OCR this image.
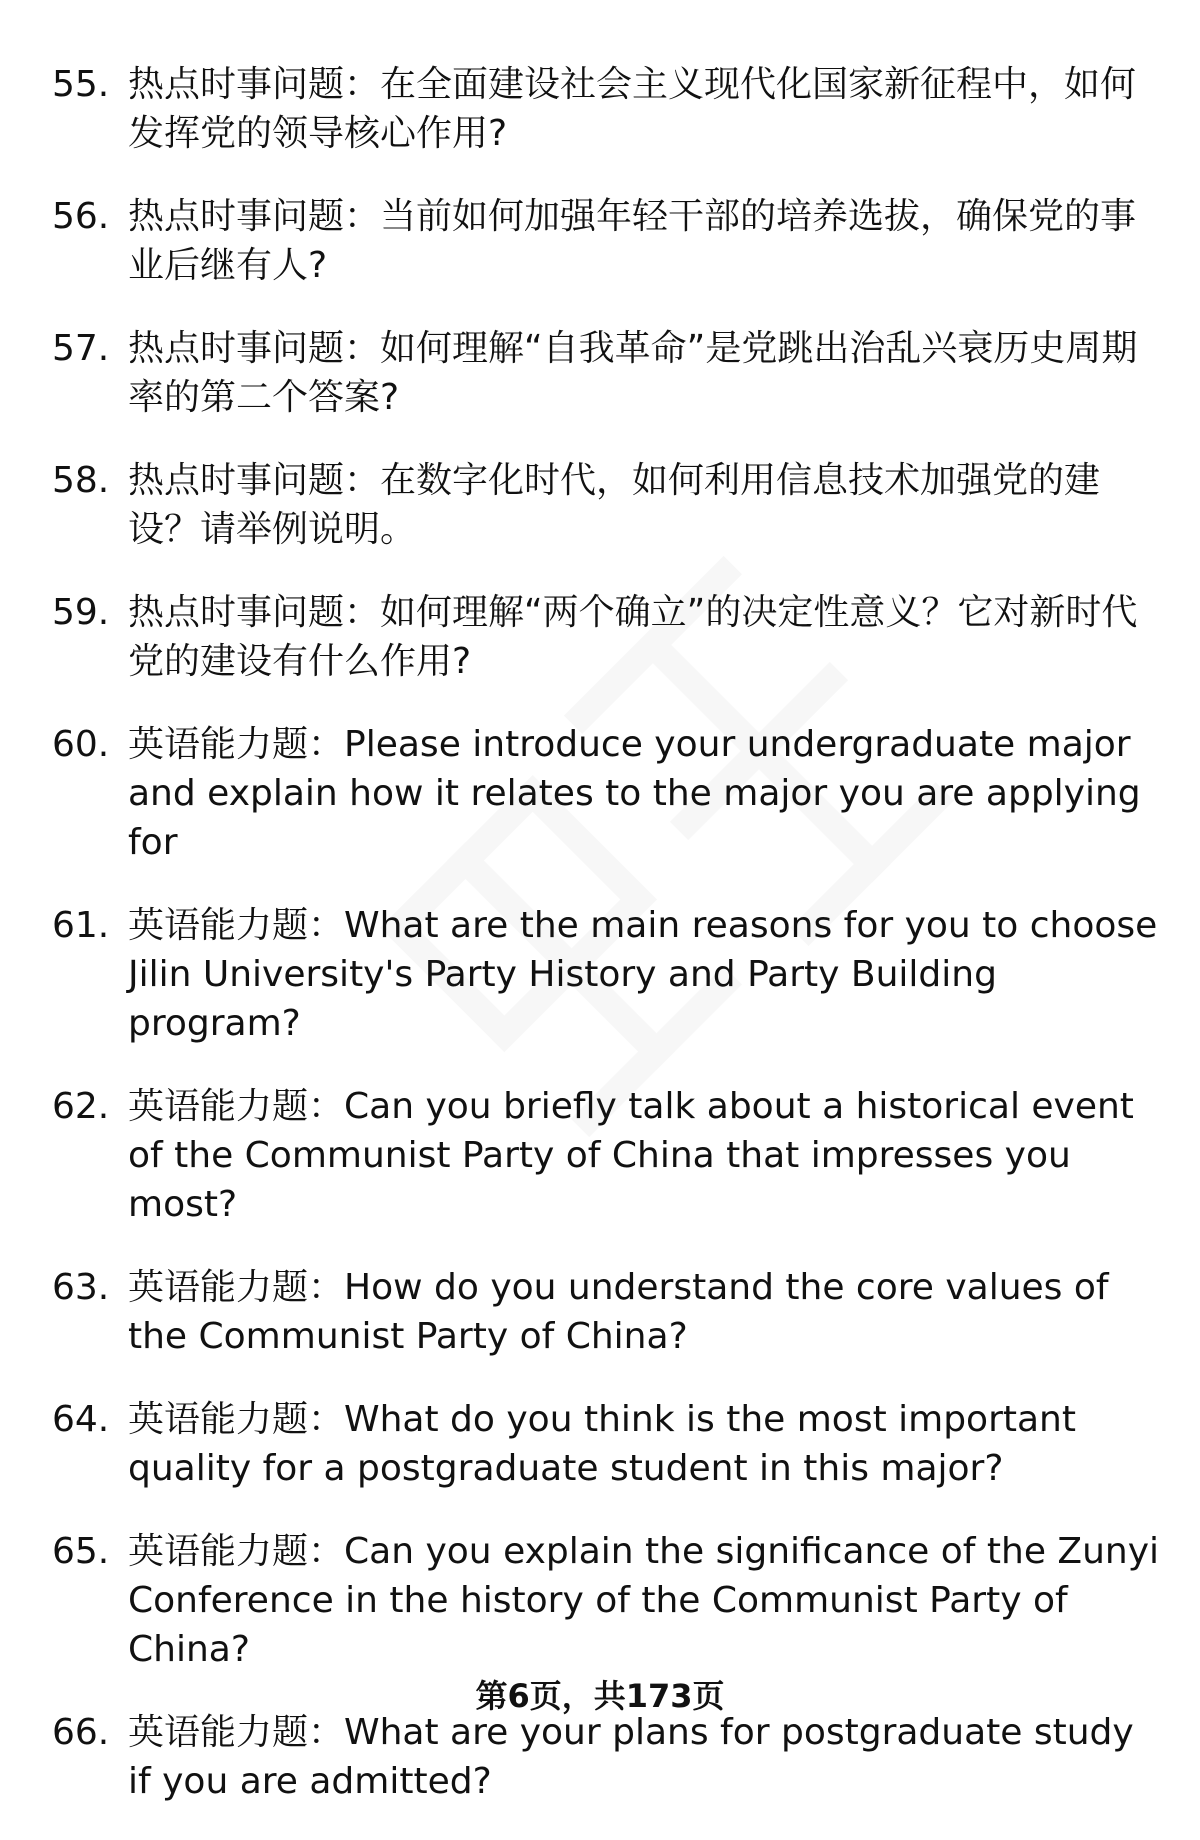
55. 热点时事问题：在全面建设社会主义现代化国家新征程中，如何发挥党的领导核心作用?
56. 热点时事问题：当前如何加强年轻干部的培养选拔，确保党的事业后继有人?
57. 热点时事问题：如何理解“自我革命”是党跳出治乱兴衰历史周期率的第二个答案?
58. 热点时事问题：在数字化时代，如何利用信息技术加强党的建设？请举例说明。
59. 热点时事问题：如何理解“两个确立”的决定性意义？它对新时代党的建设有什么作用?
60. 英语能力题：Please introduce your undergraduate major and explain how it relates to the major you are applying for
61. 英语能力题：What are the main reasons for you to choose Jilin University's Party History and Party Building program?
62. 英语能力题：Can you briefly talk about a historical event of the Communist Party of China that impresses you most?
63. 英语能力题：How do you understand the core values of the Communist Party of China?
64. 英语能力题：What do you think is the most important quality for a postgraduate student in this major?
65. 英语能力题：Can you explain the significance of the Zunyi Conference in the history of the Communist Party of China?
66. 英语能力题：What are your plans for postgraduate study if you are admitted?
第6页，共173页
